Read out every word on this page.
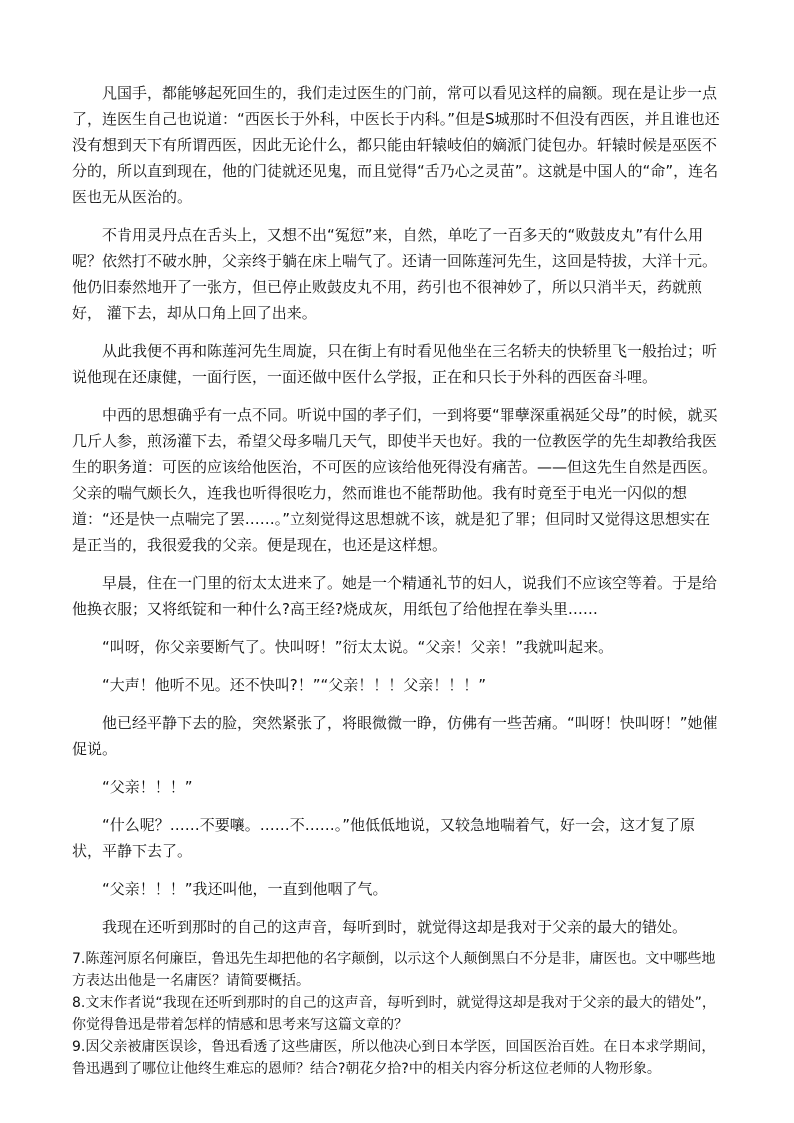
凡国手，都能够起死回生的，我们走过医生的门前，常可以看见这样的扁额。现在是让步一点了，连医生自己也说道：“西医长于外科，中医长于内科。”但是S城那时不但没有西医，并且谁也还没有想到天下有所谓西医，因此无论什么，都只能由轩辕岐伯的嫡派门徒包办。轩辕时候是巫医不分的，所以直到现在，他的门徒就还见鬼，而且觉得“舌乃心之灵苗”。这就是中国人的“命”，连名医也无从医治的。

不肯用灵丹点在舌头上，又想不出“冤愆”来，自然，单吃了一百多天的“败鼓皮丸”有什么用呢？依然打不破水肿，父亲终于躺在床上喘气了。还请一回陈莲河先生，这回是特拔，大洋十元。他仍旧泰然地开了一张方，但已停止败鼓皮丸不用，药引也不很神妙了，所以只消半天，药就煎好， 灌下去，却从口角上回了出来。

从此我便不再和陈莲河先生周旋，只在街上有时看见他坐在三名轿夫的快轿里飞一般抬过；听说他现在还康健，一面行医，一面还做中医什么学报，正在和只长于外科的西医奋斗哩。

中西的思想确乎有一点不同。听说中国的孝子们，一到将要“罪孽深重祸延父母”的时候，就买几斤人参，煎汤灌下去，希望父母多喘几天气，即使半天也好。我的一位教医学的先生却教给我医生的职务道：可医的应该给他医治，不可医的应该给他死得没有痛苦。——但这先生自然是西医。父亲的喘气颇长久，连我也听得很吃力，然而谁也不能帮助他。我有时竟至于电光一闪似的想道：“还是快一点喘完了罢……。”立刻觉得这思想就不该，就是犯了罪；但同时又觉得这思想实在是正当的，我很爱我的父亲。便是现在，也还是这样想。

早晨，住在一门里的衍太太进来了。她是一个精通礼节的妇人，说我们不应该空等着。于是给他换衣服；又将纸锭和一种什么?高王经?烧成灰，用纸包了给他捏在拳头里……

“叫呀，你父亲要断气了。快叫呀！”衍太太说。“父亲！父亲！”我就叫起来。

“大声！他听不见。还不快叫?！”“父亲！！！父亲！！！”

他已经平静下去的脸，突然紧张了，将眼微微一睁，仿佛有一些苦痛。“叫呀！快叫呀！”她催促说。

“父亲！！！”

“什么呢？……不要嚷。……不……。”他低低地说，又较急地喘着气，好一会，这才复了原状，平静下去了。

“父亲！！！”我还叫他，一直到他咽了气。

我现在还听到那时的自己的这声音，每听到时，就觉得这却是我对于父亲的最大的错处。

7.陈莲河原名何廉臣，鲁迅先生却把他的名字颠倒，以示这个人颠倒黑白不分是非，庸医也。文中哪些地方表达出他是一名庸医？请简要概括。

8.文末作者说“我现在还听到那时的自己的这声音，每听到时，就觉得这却是我对于父亲的最大的错处”，你觉得鲁迅是带着怎样的情感和思考来写这篇文章的？

9.因父亲被庸医误诊，鲁迅看透了这些庸医，所以他决心到日本学医，回国医治百姓。在日本求学期间，鲁迅遇到了哪位让他终生难忘的恩师？结合?朝花夕拾?中的相关内容分析这位老师的人物形象。
